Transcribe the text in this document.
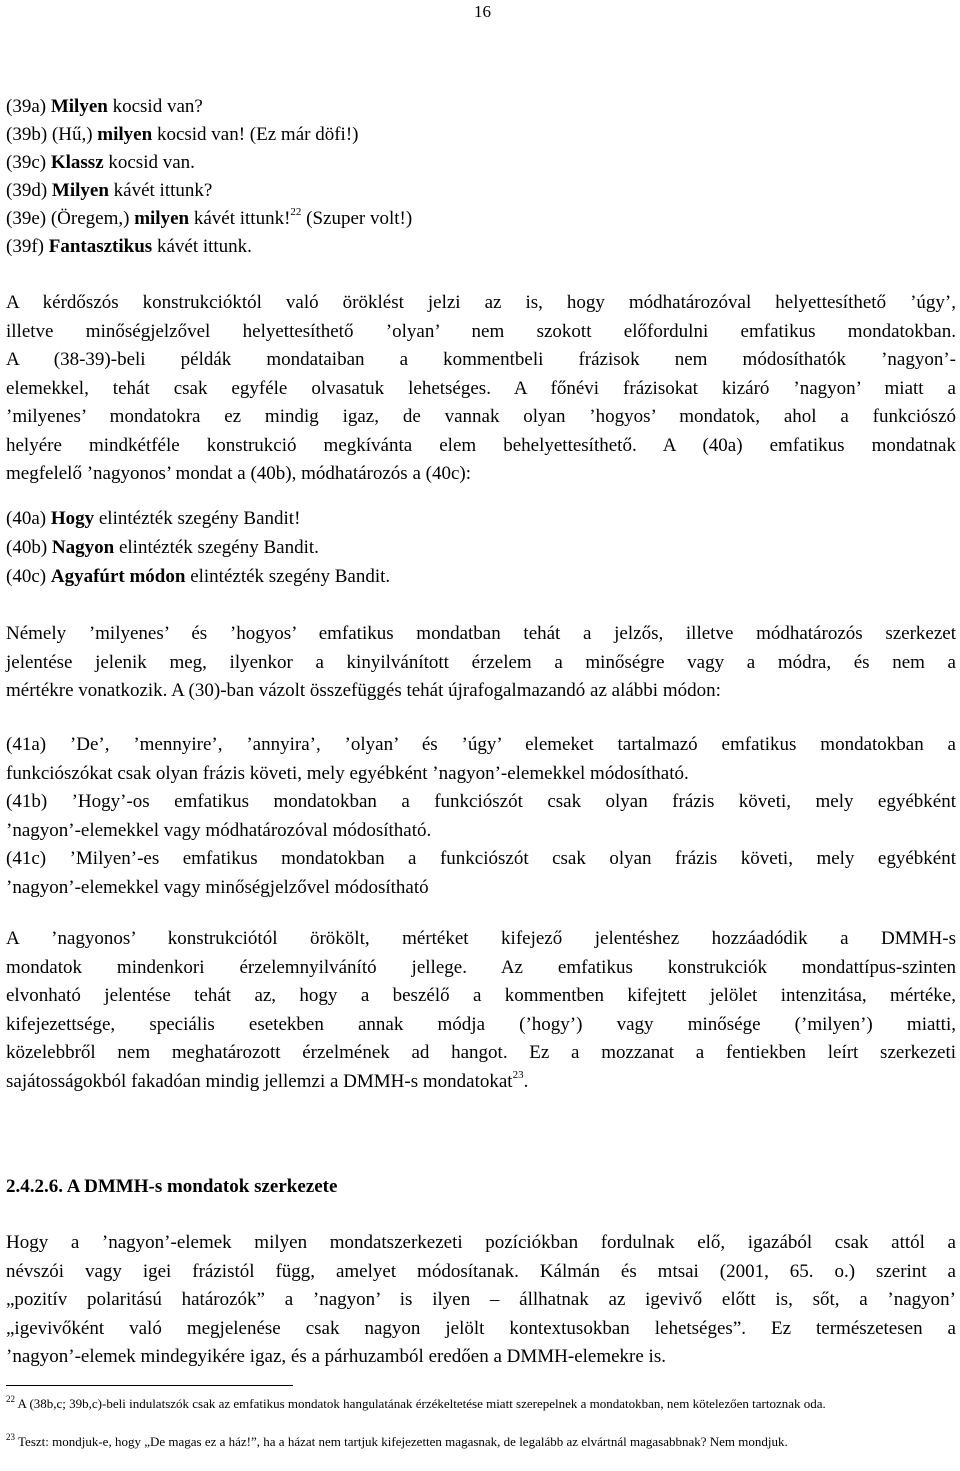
16
(39a) Milyen kocsid van?
(39b) (Hű,) milyen kocsid van! (Ez már döfi!)
(39c) Klassz kocsid van.
(39d) Milyen kávét ittunk?
(39e) (Öregem,) milyen kávét ittunk!$^{22}$ (Szuper volt!)
(39f) Fantasztikus kávét ittunk.
A kérdőszós konstrukcióktól való öröklést jelzi az is, hogy módhatározóval helyettesíthető ’úgy’,
illetve minőségjelzővel helyettesíthető ’olyan’ nem szokott előfordulni emfatikus mondatokban.
A (38-39)-beli példák mondataiban a kommentbeli frázisok nem módosíthatók ’nagyon’-
elemekkel, tehát csak egyféle olvasatuk lehetséges. A főnévi frázisokat kizáró ’nagyon’ miatt a
’milyenes’ mondatokra ez mindig igaz, de vannak olyan ’hogyos’ mondatok, ahol a funkciószó
helyére mindkétféle konstrukció megkívánta elem behelyettesíthető. A (40a) emfatikus mondatnak
megfelelő ’nagyonos’ mondat a (40b), módhatározós a (40c):
(40a) Hogy elintézték szegény Bandit!
(40b) Nagyon elintézték szegény Bandit.
(40c) Agyafúrt módon elintézték szegény Bandit.
Némely ’milyenes’ és ’hogyos’ emfatikus mondatban tehát a jelzős, illetve módhatározós szerkezet
jelentése jelenik meg, ilyenkor a kinyilvánított érzelem a minőségre vagy a módra, és nem a
mértékre vonatkozik. A (30)-ban vázolt összefüggés tehát újrafogalmazandó az alábbi módon:
(41a) ’De’, ’mennyire’, ’annyira’, ’olyan’ és ’úgy’ elemeket tartalmazó emfatikus mondatokban a
funkciószókat csak olyan frázis követi, mely egyébként ’nagyon’-elemekkel módosítható.
(41b) ’Hogy’-os emfatikus mondatokban a funkciószót csak olyan frázis követi, mely egyébként
’nagyon’-elemekkel vagy módhatározóval módosítható.
(41c) ’Milyen’-es emfatikus mondatokban a funkciószót csak olyan frázis követi, mely egyébként
’nagyon’-elemekkel vagy minőségjelzővel módosítható
A ’nagyonos’ konstrukciótól örökölt, mértéket kifejező jelentéshez hozzáadódik a DMMH-s
mondatok mindenkori érzelemnyilvánító jellege. Az emfatikus konstrukciók mondattípus-szinten
elvonható jelentése tehát az, hogy a beszélő a kommentben kifejtett jelölet intenzitása, mértéke,
kifejezettsége, speciális esetekben annak módja (’hogy’) vagy minősége (’milyen’) miatti,
közelebbről nem meghatározott érzelmének ad hangot. Ez a mozzanat a fentiekben leírt szerkezeti
sajátosságokból fakadóan mindig jellemzi a DMMH-s mondatokat$^{23}$.
2.4.2.6. A DMMH-s mondatok szerkezete
Hogy a ’nagyon’-elemek milyen mondatszerkezeti pozíciókban fordulnak elő, igazából csak attól a
névszói vagy igei frázistól függ, amelyet módosítanak. Kálmán és mtsai (2001, 65. o.) szerint a
„pozitív polaritású határozók” a ’nagyon’ is ilyen – állhatnak az igevivő előtt is, sőt, a ’nagyon’
„igevivőként való megjelenése csak nagyon jelölt kontextusokban lehetséges”. Ez természetesen a
’nagyon’-elemek mindegyikére igaz, és a párhuzamból eredően a DMMH-elemekre is.

$^{22}$ A (38b,c; 39b,c)-beli indulatszók csak az emfatikus mondatok hangulatának érzékeltetése miatt szerepelnek a mondatokban, nem kötelezően tartoznak oda.

$^{23}$ Teszt: mondjuk-e, hogy „De magas ez a ház!”, ha a házat nem tartjuk kifejezetten magasnak, de legalább az elvártnál magasabbnak? Nem mondjuk.
